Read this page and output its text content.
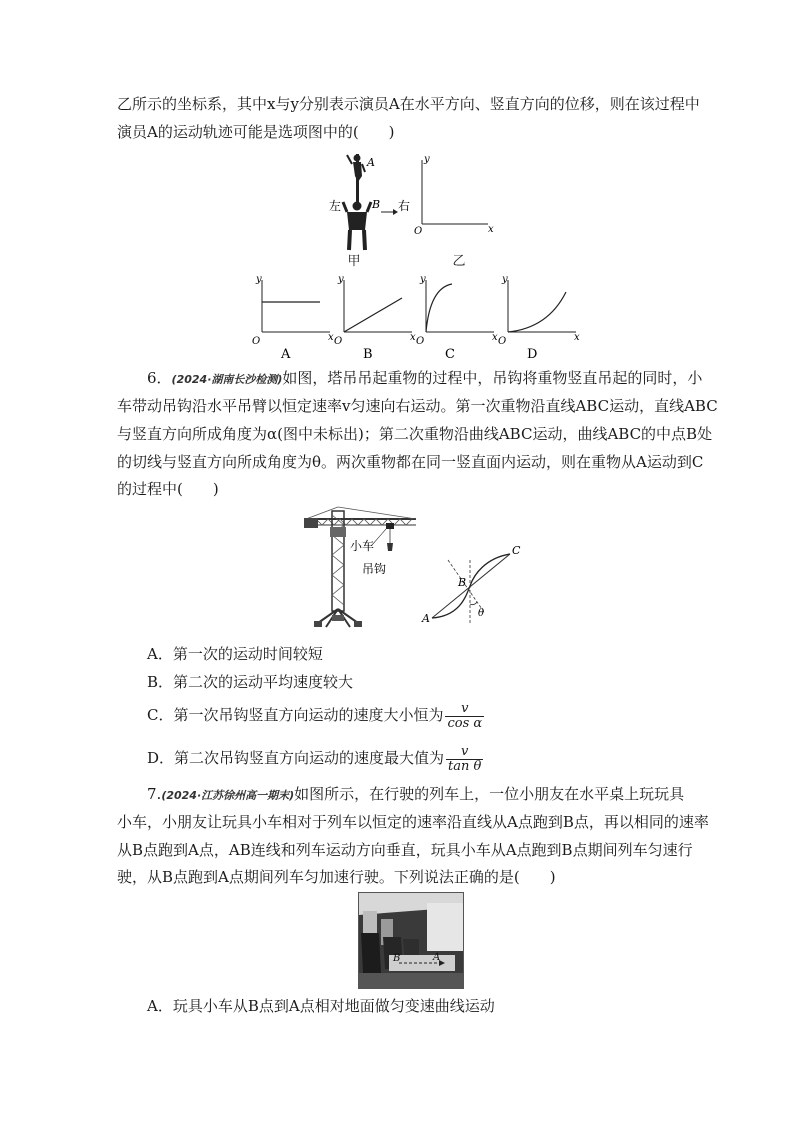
乙所示的坐标系，其中x与y分别表示演员A在水平方向、竖直方向的位移，则在该过程中
演员A的运动轨迹可能是选项图中的(　　)
A
B
左	右
甲
y
x
O
乙
y
x
O
A
y
x
O
B
y
x
O
C
y
x
O
D
6．(2024·湖南长沙检测)如图，塔吊吊起重物的过程中，吊钩将重物竖直吊起的同时，小
车带动吊钩沿水平吊臂以恒定速率v匀速向右运动。第一次重物沿直线ABC运动，直线ABC
与竖直方向所成角度为α(图中未标出)；第二次重物沿曲线ABC运动，曲线ABC的中点B处
的切线与竖直方向所成角度为θ。两次重物都在同一竖直面内运动，则在重物从A运动到C
的过程中(　　)
小车
吊钩
A
B
C
θ
A．第一次的运动时间较短
B．第二次的运动平均速度较大
C．第一次吊钩竖直方向运动的速度大小恒为 $\frac{v}{\text{cos α}}$
D．第二次吊钩竖直方向运动的速度最大值为 $\frac{v}{\text{tan θ}}$
7.(2024·江苏徐州高一期末)如图所示，在行驶的列车上，一位小朋友在水平桌上玩玩具
小车，小朋友让玩具小车相对于列车以恒定的速率沿直线从A点跑到B点，再以相同的速率
从B点跑到A点，AB连线和列车运动方向垂直，玩具小车从A点跑到B点期间列车匀速行
驶，从B点跑到A点期间列车匀加速行驶。下列说法正确的是(　　)
B	A
A．玩具小车从B点到A点相对地面做匀变速曲线运动
